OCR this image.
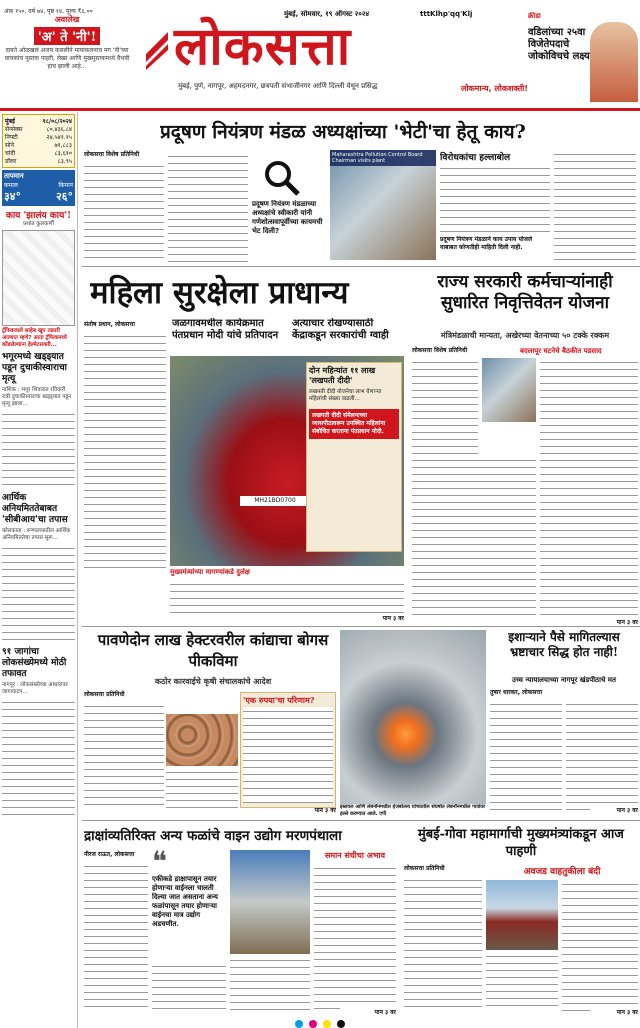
अंक १५०, वर्ष ७४, पृष्ठ १४, मूल्य ₹६.००	मुंबई, सोमवार, १९ ऑगस्ट २०२४
लोकसत्ता
tttKlhp'qq'Klj
मुंबई, पुणे, नागपूर, अहमदनगर, छत्रपती संभाजीनगर आणि दिल्ली येथून प्रसिद्ध	लोकमान्य, लोकशक्ती!
अवालेख
'अ' ते 'नी'!
दावते ओळखलं अजय कसलीने मायाकलनाच मग 'नी'च्या वाचकांच पुस्तक पाहरी, लेखा आणि मुखमुस्तकमध्ये वैभवी हाच झाली आहे...
क्रीडा
वडिलांच्या २५वा विजेतेपदाचे जोकोविचचे लक्ष्य
मुंबई	१८/०८/२०२४
सेन्सेक्स	८०,४३६.८४
निफ्टी	२४,५४१.१५
सोने	७१,८८३
चांदी	८३,६१०
डॉलर	८३.९५
तापमान
कमाल	किमान
३४°	२६°
काय 'झालंय काय'!
प्रशांत कुलकर्णी
ट्रॅफिकवाले साहेब खूप तक्रारी आल्यात म्हणे? आता ट्रॅफिकमध्ये कोंडलेल्यांना हेल्मेटसक्ती...
भगूरमध्ये खड्ड्यात पडून दुचाकीस्वाराचा मृत्यू
नाशिक : भगूर शिवारात रविवारी रात्री दुचाकीस्वाराचा खड्ड्यात पडून मृत्यू झाला...
आर्थिक अनियमिततेबाबत 'सीबीआय'चा तपास
कोलकाता : रुग्णालयातील आर्थिक अनियमिततेचा तपास सुरू...
९१ जागांचा लोकसंख्येमध्ये मोठी तफावत
नागपूर : लोकसंख्येच्या आधारावर जागावाटप...
प्रदूषण नियंत्रण मंडळ अध्यक्षांच्या 'भेटी'चा हेतू काय?
लोकसत्ता विशेष प्रतिनिधी
प्रदूषण नियंत्रण मंडळाच्या अध्यक्षांचे स्वीकारी यांनी गणेशोत्सवापूर्वीच्या कायमची भेट दिली?
Maharashtra Pollution Control Board Chairman visits plant	विरोधकांचा हल्लाबोल
प्रदूषण नियंत्रण मंडळाने काय उपाय योजले याबाबत कोणतीही माहिती दिली नाही.
महिला सुरक्षेला प्राधान्य
संतोष प्रधान, लोकसत्ता	जळगावमधील कार्यक्रमात पंतप्रधान मोदी यांचे प्रतिपादन
अत्याचार रोखण्यासाठी केंद्राकडून सरकारांची ग्वाही
MH21BD0700
दोन महिन्यांत ११ लाख 'लखपती दीदी'
लखपती दीदी योजनेचा लाभ घेणाऱ्या महिलांची संख्या वाढली...
लखपती दीदी संमेलनाच्या व्यासपीठावरून उपस्थित महिलांना संबोधित करताना पंतप्रधान मोदी.
मुख्यमंत्र्यांच्या मागण्यांकडे दुर्लक्ष
पान ३ वर
राज्य सरकारी कर्मचाऱ्यांनाही सुधारित निवृत्तिवेतन योजना
मंत्रिमंडळाची मान्यता, अखेरच्या वेतनाच्या ५० टक्के रक्कम
लोकसत्ता विशेष प्रतिनिधी	बदलापूर घटनेचे बैठकीत पडसाद
पान ३ वर
पावणेदोन लाख हेक्टरवरील कांद्याचा बोगस पीकविमा
कठोर कारवाईचे कृषी संचालकांचे आदेश
लोकसत्ता प्रतिनिधी
'एक रुपया'चा परिणाम?
पान ३ वर इस्रायल आणि लेबनॉनमधील हेजबोल्ला यांच्यातील संघर्षात लेबनॉनमधील गावांवर हल्ले करण्यात आले. एपी
इशाऱ्याने पैसे मागितल्यास भ्रष्टाचार सिद्ध होत नाही!
उच्च न्यायालयाच्या नागपूर खंडपीठाचे मत
तुषार धारकर, लोकसत्ता
पान ३ वर
द्राक्षांव्यतिरिक्त अन्य फळांचे वाइन उद्योग मरणपंथाला
नीरज राऊत, लोकसत्ता ❝
एकीकडे द्राक्षापासून तयार होणाऱ्या वाईनला चालती दिल्या जात असताना अन्य फळांपासून तयार होणाऱ्या वाईनचा मात्र उद्योग अडचणीत.
समान संधीचा अभाव
पान ३ वर
मुंबई-गोवा महामार्गाची मुख्यमंत्र्यांकडून आज पाहणी
लोकसत्ता प्रतिनिधी	अवजड वाहतुकीला बंदी
पान ३ वर
